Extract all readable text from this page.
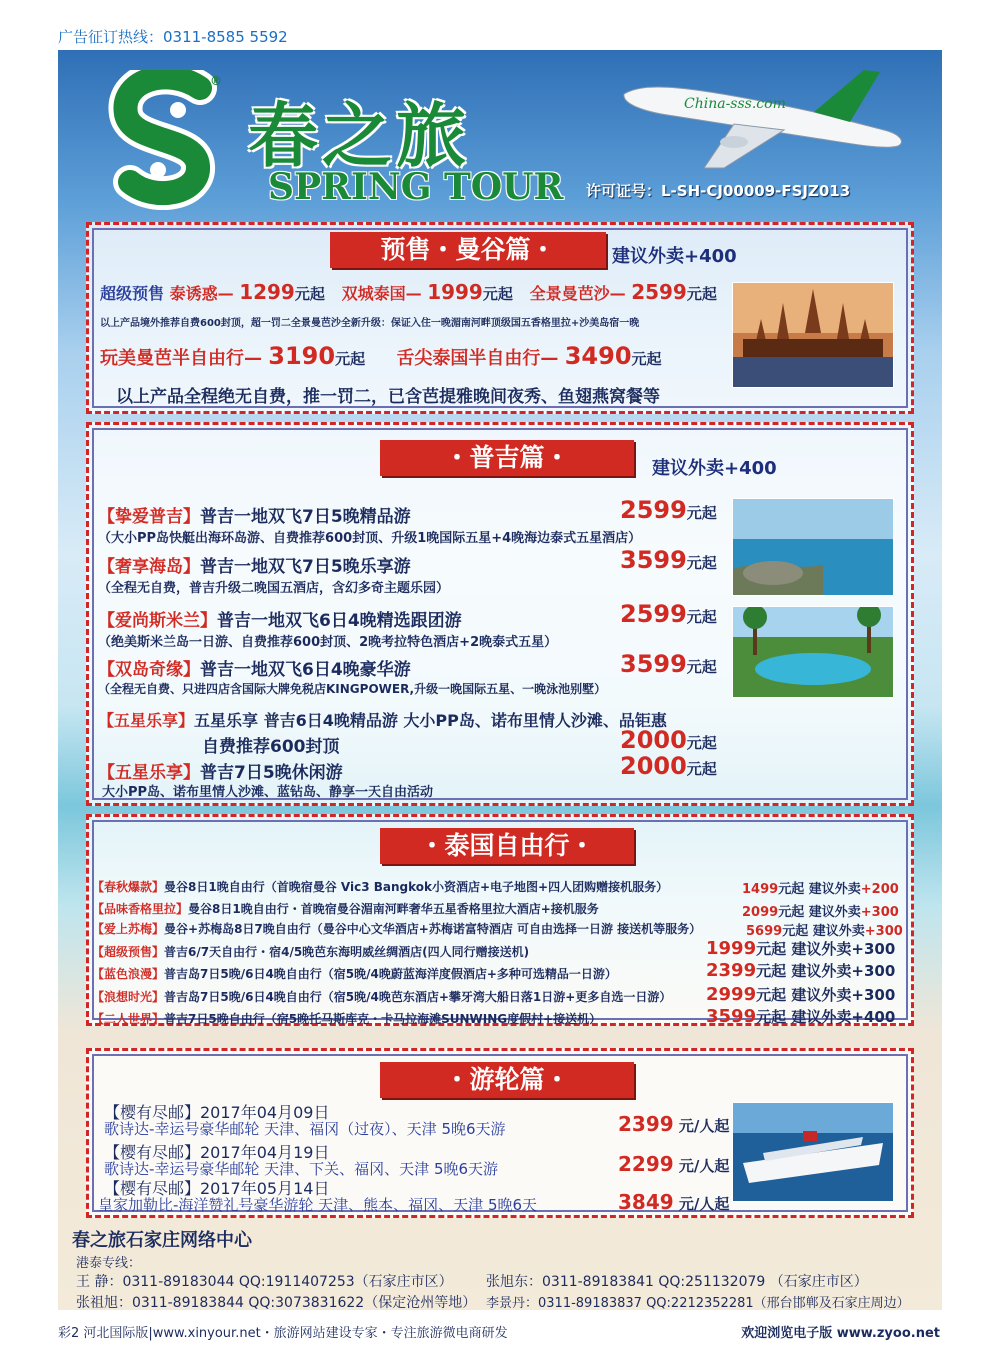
广告征订热线：0311-8585 5592
®
春之旅
SPRING TOUR 许可证号：L-SH-CJ00009-FSJZ013
China-sss.com
预售・曼谷篇・	建议外卖+400
超级预售 泰诱惑— 1299元起 双城泰国— 1999元起 全景曼芭沙— 2599元起
以上产品境外推荐自费600封顶，超一罚二全景曼芭沙全新升级：保证入住一晚湄南河畔顶级国五香格里拉+沙美岛宿一晚
玩美曼芭半自由行— 3190元起 舌尖泰国半自由行— 3490元起
以上产品全程绝无自费，推一罚二，已含芭提雅晚间夜秀、鱼翅燕窝餐等
・普吉篇・	建议外卖+400
【挚爱普吉】普吉一地双飞7日5晚精品游	2599元起
（大小PP岛快艇出海环岛游、自费推荐600封顶、升级1晚国际五星+4晚海边泰式五星酒店）
【奢享海岛】普吉一地双飞7日5晚乐享游	3599元起
（全程无自费，普吉升级二晚国五酒店，含幻多奇主题乐园）
【爱尚斯米兰】普吉一地双飞6日4晚精选跟团游	2599元起
（绝美斯米兰岛一日游、自费推荐600封顶、2晚考拉特色酒店+2晚泰式五星）
【双岛奇缘】普吉一地双飞6日4晚豪华游	3599元起
（全程无自费、只进四店含国际大牌免税店KINGPOWER,升级一晚国际五星、一晚泳池别墅）
【五星乐享】五星乐享 普吉6日4晚精品游 大小PP岛、诺布里情人沙滩、品钜惠
自费推荐600封顶	2000元起
【五星乐享】普吉7日5晚休闲游	2000元起
大小PP岛、诺布里情人沙滩、蓝钻岛、静享一天自由活动
・泰国自由行・
【春秋爆款】曼谷8日1晚自由行（首晚宿曼谷 Vic3 Bangkok小资酒店+电子地图+四人团购赠接机服务）	1499元起 建议外卖+200
【品味香格里拉】曼谷8日1晚自由行・首晚宿曼谷湄南河畔奢华五星香格里拉大酒店+接机服务	2099元起 建议外卖+300
【爱上苏梅】曼谷+苏梅岛8日7晚自由行（曼谷中心文华酒店+苏梅诺富特酒店 可自由选择一日游 接送机等服务）	5699元起 建议外卖+300
【超级预售】普吉6/7天自由行・宿4/5晚芭东海明威丝绸酒店(四人同行赠接送机)	1999元起 建议外卖+300
【蓝色浪漫】普吉岛7日5晚/6日4晚自由行（宿5晚/4晚蔚蓝海洋度假酒店+多种可选精品一日游）	2399元起 建议外卖+300
【浪想时光】普吉岛7日5晚/6日4晚自由行（宿5晚/4晚芭东酒店+攀牙湾大船日落1日游+更多自选一日游） 2999元起 建议外卖+300
【二人世界】普吉7日5晚自由行（宿5晚托马斯库克・卡马拉海滩SUNWING度假村+接送机）	3599元起 建议外卖+400
・游轮篇・
【樱有尽邮】2017年04月09日
歌诗达-幸运号豪华邮轮 天津、福冈（过夜）、天津 5晚6天游	2399 元/人起
【樱有尽邮】2017年04月19日
歌诗达-幸运号豪华邮轮 天津、下关、福冈、天津 5晚6天游	2299 元/人起
【樱有尽邮】2017年05月14日
皇家加勒比-海洋赞礼号豪华游轮 天津、熊本、福冈、天津 5晚6天	3849 元/人起
春之旅石家庄网络中心
港泰专线：
王 静：0311-89183044 QQ:1911407253（石家庄市区） 张旭东：0311-89183841 QQ:251132079 （石家庄市区）
张祖旭：0311-89183844 QQ:3073831622（保定沧州等地） 李景丹：0311-89183837 QQ:2212352281（邢台邯郸及石家庄周边）
彩2 河北国际版|www.xinyour.net・旅游网站建设专家・专注旅游微电商研发	欢迎浏览电子版 www.zyoo.net
